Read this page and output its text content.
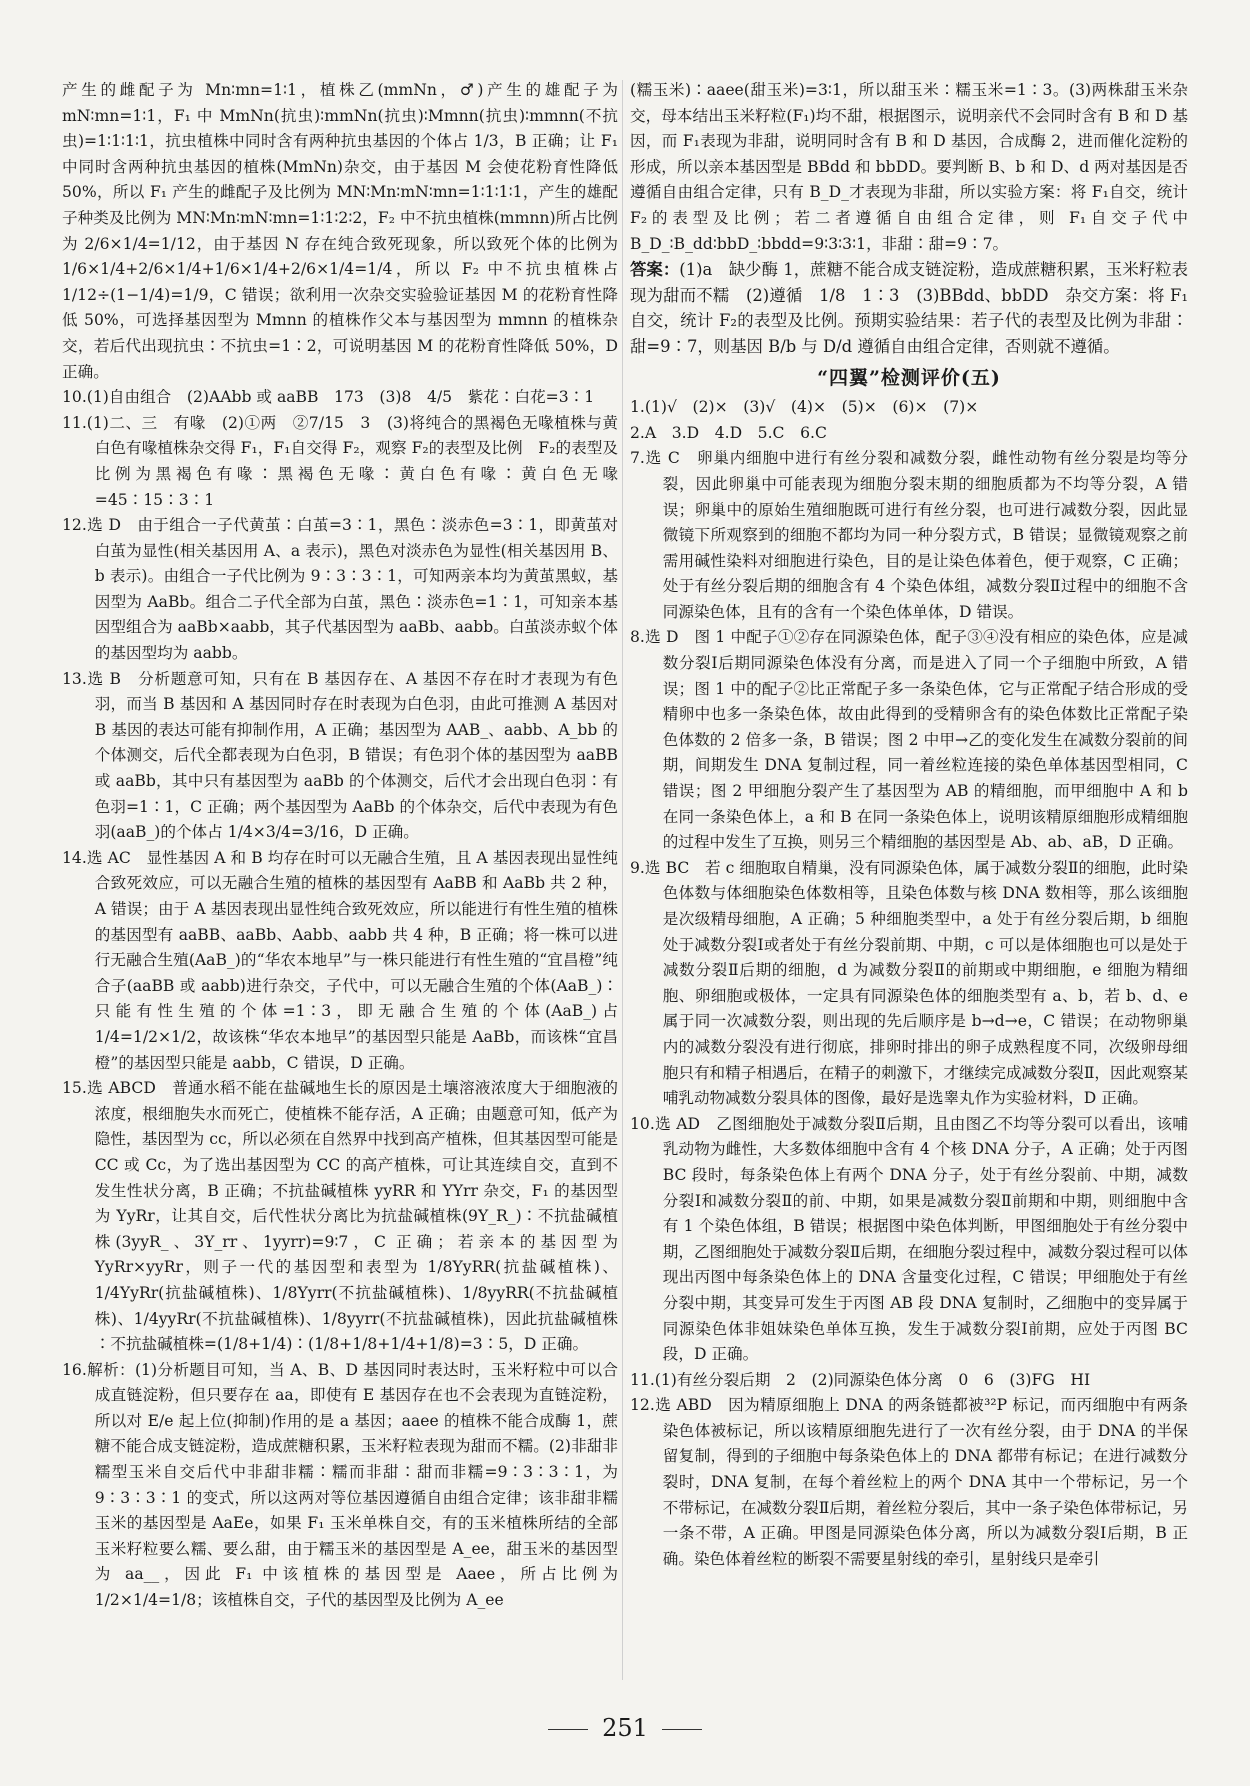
产生的雌配子为 Mn∶mn=1∶1，植株乙(mmNn，♂)产生的雄配子为 mN∶mn=1∶1，F₁ 中 MmNn(抗虫)∶mmNn(抗虫)∶Mmnn(抗虫)∶mmnn(不抗虫)=1∶1∶1∶1，抗虫植株中同时含有两种抗虫基因的个体占 1/3，B 正确；让 F₁ 中同时含两种抗虫基因的植株(MmNn)杂交，由于基因 M 会使花粉育性降低 50%，所以 F₁ 产生的雌配子及比例为 MN∶Mn∶mN∶mn=1∶1∶1∶1，产生的雄配子种类及比例为 MN∶Mn∶mN∶mn=1∶1∶2∶2，F₂ 中不抗虫植株(mmnn)所占比例为 2/6×1/4=1/12，由于基因 N 存在纯合致死现象，所以致死个体的比例为 1/6×1/4+2/6×1/4+1/6×1/4+2/6×1/4=1/4，所以 F₂ 中不抗虫植株占 1/12÷(1−1/4)=1/9，C 错误；欲利用一次杂交实验验证基因 M 的花粉育性降低 50%，可选择基因型为 Mmnn 的植株作父本与基因型为 mmnn 的植株杂交，若后代出现抗虫∶不抗虫=1∶2，可说明基因 M 的花粉育性降低 50%，D 正确。

10.(1)自由组合　(2)AAbb 或 aaBB　173　(3)8　4/5　紫花∶白花=3∶1

11.(1)二、三　有喙　(2)①两　②7/15　3　(3)将纯合的黑褐色无喙植株与黄白色有喙植株杂交得 F₁，F₁自交得 F₂，观察 F₂的表型及比例　F₂的表型及比例为黑褐色有喙∶黑褐色无喙∶黄白色有喙∶黄白色无喙=45∶15∶3∶1

12.选 D　由于组合一子代黄茧∶白茧=3∶1，黑色∶淡赤色=3∶1，即黄茧对白茧为显性(相关基因用 A、a 表示)，黑色对淡赤色为显性(相关基因用 B、b 表示)。由组合一子代比例为 9∶3∶3∶1，可知两亲本均为黄茧黑蚁，基因型为 AaBb。组合二子代全部为白茧，黑色∶淡赤色=1∶1，可知亲本基因型组合为 aaBb×aabb，其子代基因型为 aaBb、aabb。白茧淡赤蚁个体的基因型均为 aabb。

13.选 B　分析题意可知，只有在 B 基因存在、A 基因不存在时才表现为有色羽，而当 B 基因和 A 基因同时存在时表现为白色羽，由此可推测 A 基因对 B 基因的表达可能有抑制作用，A 正确；基因型为 AAB_、aabb、A_bb 的个体测交，后代全都表现为白色羽，B 错误；有色羽个体的基因型为 aaBB 或 aaBb，其中只有基因型为 aaBb 的个体测交，后代才会出现白色羽∶有色羽=1∶1，C 正确；两个基因型为 AaBb 的个体杂交，后代中表现为有色羽(aaB_)的个体占 1/4×3/4=3/16，D 正确。

14.选 AC　显性基因 A 和 B 均存在时可以无融合生殖，且 A 基因表现出显性纯合致死效应，可以无融合生殖的植株的基因型有 AaBB 和 AaBb 共 2 种，A 错误；由于 A 基因表现出显性纯合致死效应，所以能进行有性生殖的植株的基因型有 aaBB、aaBb、Aabb、aabb 共 4 种，B 正确；将一株可以进行无融合生殖(AaB_)的“华农本地早”与一株只能进行有性生殖的“宜昌橙”纯合子(aaBB 或 aabb)进行杂交，子代中，可以无融合生殖的个体(AaB_)∶只能有性生殖的个体=1∶3，即无融合生殖的个体(AaB_)占 1/4=1/2×1/2，故该株“华农本地早”的基因型只能是 AaBb，而该株“宜昌橙”的基因型只能是 aabb，C 错误，D 正确。

15.选 ABCD　普通水稻不能在盐碱地生长的原因是土壤溶液浓度大于细胞液的浓度，根细胞失水而死亡，使植株不能存活，A 正确；由题意可知，低产为隐性，基因型为 cc，所以必须在自然界中找到高产植株，但其基因型可能是 CC 或 Cc，为了选出基因型为 CC 的高产植株，可让其连续自交，直到不发生性状分离，B 正确；不抗盐碱植株 yyRR 和 YYrr 杂交，F₁ 的基因型为 YyRr，让其自交，后代性状分离比为抗盐碱植株(9Y_R_)∶不抗盐碱植株(3yyR_、3Y_rr、1yyrr)=9∶7，C 正确；若亲本的基因型为 YyRr×yyRr，则子一代的基因型和表型为 1/8YyRR(抗盐碱植株)、1/4YyRr(抗盐碱植株)、1/8Yyrr(不抗盐碱植株)、1/8yyRR(不抗盐碱植株)、1/4yyRr(不抗盐碱植株)、1/8yyrr(不抗盐碱植株)，因此抗盐碱植株∶不抗盐碱植株=(1/8+1/4)∶(1/8+1/8+1/4+1/8)=3∶5，D 正确。

16.解析：(1)分析题目可知，当 A、B、D 基因同时表达时，玉米籽粒中可以合成直链淀粉，但只要存在 aa，即使有 E 基因存在也不会表现为直链淀粉，所以对 E/e 起上位(抑制)作用的是 a 基因；aaee 的植株不能合成酶 1，蔗糖不能合成支链淀粉，造成蔗糖积累，玉米籽粒表现为甜而不糯。(2)非甜非糯型玉米自交后代中非甜非糯∶糯而非甜∶甜而非糯=9∶3∶3∶1，为 9∶3∶3∶1 的变式，所以这两对等位基因遵循自由组合定律；该非甜非糯玉米的基因型是 AaEe，如果 F₁ 玉米单株自交，有的玉米植株所结的全部玉米籽粒要么糯、要么甜，由于糯玉米的基因型是 A_ee，甜玉米的基因型为 aa__，因此 F₁ 中该植株的基因型是 Aaee，所占比例为 1/2×1/4=1/8；该植株自交，子代的基因型及比例为 A_ee

(糯玉米)∶aaee(甜玉米)=3∶1，所以甜玉米∶糯玉米=1∶3。(3)两株甜玉米杂交，母本结出玉米籽粒(F₁)均不甜，根据图示，说明亲代不会同时含有 B 和 D 基因，而 F₁表现为非甜，说明同时含有 B 和 D 基因，合成酶 2，进而催化淀粉的形成，所以亲本基因型是 BBdd 和 bbDD。要判断 B、b 和 D、d 两对基因是否遵循自由组合定律，只有 B_D_才表现为非甜，所以实验方案：将 F₁自交，统计 F₂的表型及比例；若二者遵循自由组合定律，则 F₁自交子代中 B_D_∶B_dd∶bbD_∶bbdd=9∶3∶3∶1，非甜∶甜=9∶7。

答案：(1)a　缺少酶 1，蔗糖不能合成支链淀粉，造成蔗糖积累，玉米籽粒表现为甜而不糯　(2)遵循　1/8　1∶3　(3)BBdd、bbDD　杂交方案：将 F₁自交，统计 F₂的表型及比例。预期实验结果：若子代的表型及比例为非甜∶甜=9∶7，则基因 B/b 与 D/d 遵循自由组合定律，否则就不遵循。

“四翼”检测评价(五)

1.(1)√　(2)×　(3)√　(4)×　(5)×　(6)×　(7)×

2.A　3.D　4.D　5.C　6.C

7.选 C　卵巢内细胞中进行有丝分裂和减数分裂，雌性动物有丝分裂是均等分裂，因此卵巢中可能表现为细胞分裂末期的细胞质都为不均等分裂，A 错误；卵巢中的原始生殖细胞既可进行有丝分裂，也可进行减数分裂，因此显微镜下所观察到的细胞不都均为同一种分裂方式，B 错误；显微镜观察之前需用碱性染料对细胞进行染色，目的是让染色体着色，便于观察，C 正确；处于有丝分裂后期的细胞含有 4 个染色体组，减数分裂Ⅱ过程中的细胞不含同源染色体，且有的含有一个染色体单体，D 错误。

8.选 D　图 1 中配子①②存在同源染色体，配子③④没有相应的染色体，应是减数分裂Ⅰ后期同源染色体没有分离，而是进入了同一个子细胞中所致，A 错误；图 1 中的配子②比正常配子多一条染色体，它与正常配子结合形成的受精卵中也多一条染色体，故由此得到的受精卵含有的染色体数比正常配子染色体数的 2 倍多一条，B 错误；图 2 中甲→乙的变化发生在减数分裂前的间期，间期发生 DNA 复制过程，同一着丝粒连接的染色单体基因型相同，C 错误；图 2 甲细胞分裂产生了基因型为 AB 的精细胞，而甲细胞中 A 和 b 在同一条染色体上，a 和 B 在同一条染色体上，说明该精原细胞形成精细胞的过程中发生了互换，则另三个精细胞的基因型是 Ab、ab、aB，D 正确。

9.选 BC　若 c 细胞取自精巢，没有同源染色体，属于减数分裂Ⅱ的细胞，此时染色体数与体细胞染色体数相等，且染色体数与核 DNA 数相等，那么该细胞是次级精母细胞，A 正确；5 种细胞类型中，a 处于有丝分裂后期，b 细胞处于减数分裂Ⅰ或者处于有丝分裂前期、中期，c 可以是体细胞也可以是处于减数分裂Ⅱ后期的细胞，d 为减数分裂Ⅱ的前期或中期细胞，e 细胞为精细胞、卵细胞或极体，一定具有同源染色体的细胞类型有 a、b，若 b、d、e 属于同一次减数分裂，则出现的先后顺序是 b→d→e，C 错误；在动物卵巢内的减数分裂没有进行彻底，排卵时排出的卵子成熟程度不同，次级卵母细胞只有和精子相遇后，在精子的刺激下，才继续完成减数分裂Ⅱ，因此观察某哺乳动物减数分裂具体的图像，最好是选睾丸作为实验材料，D 正确。

10.选 AD　乙图细胞处于减数分裂Ⅱ后期，且由图乙不均等分裂可以看出，该哺乳动物为雌性，大多数体细胞中含有 4 个核 DNA 分子，A 正确；处于丙图 BC 段时，每条染色体上有两个 DNA 分子，处于有丝分裂前、中期，减数分裂Ⅰ和减数分裂Ⅱ的前、中期，如果是减数分裂Ⅱ前期和中期，则细胞中含有 1 个染色体组，B 错误；根据图中染色体判断，甲图细胞处于有丝分裂中期，乙图细胞处于减数分裂Ⅱ后期，在细胞分裂过程中，减数分裂过程可以体现出丙图中每条染色体上的 DNA 含量变化过程，C 错误；甲细胞处于有丝分裂中期，其变异可发生于丙图 AB 段 DNA 复制时，乙细胞中的变异属于同源染色体非姐妹染色单体互换，发生于减数分裂Ⅰ前期，应处于丙图 BC 段，D 正确。

11.(1)有丝分裂后期　2　(2)同源染色体分离　0　6　(3)FG　HI

12.选 ABD　因为精原细胞上 DNA 的两条链都被³²P 标记，而丙细胞中有两条染色体被标记，所以该精原细胞先进行了一次有丝分裂，由于 DNA 的半保留复制，得到的子细胞中每条染色体上的 DNA 都带有标记；在进行减数分裂时，DNA 复制，在每个着丝粒上的两个 DNA 其中一个带标记，另一个不带标记，在减数分裂Ⅱ后期，着丝粒分裂后，其中一条子染色体带标记，另一条不带，A 正确。甲图是同源染色体分离，所以为减数分裂Ⅰ后期，B 正确。染色体着丝粒的断裂不需要星射线的牵引，星射线只是牵引

251
